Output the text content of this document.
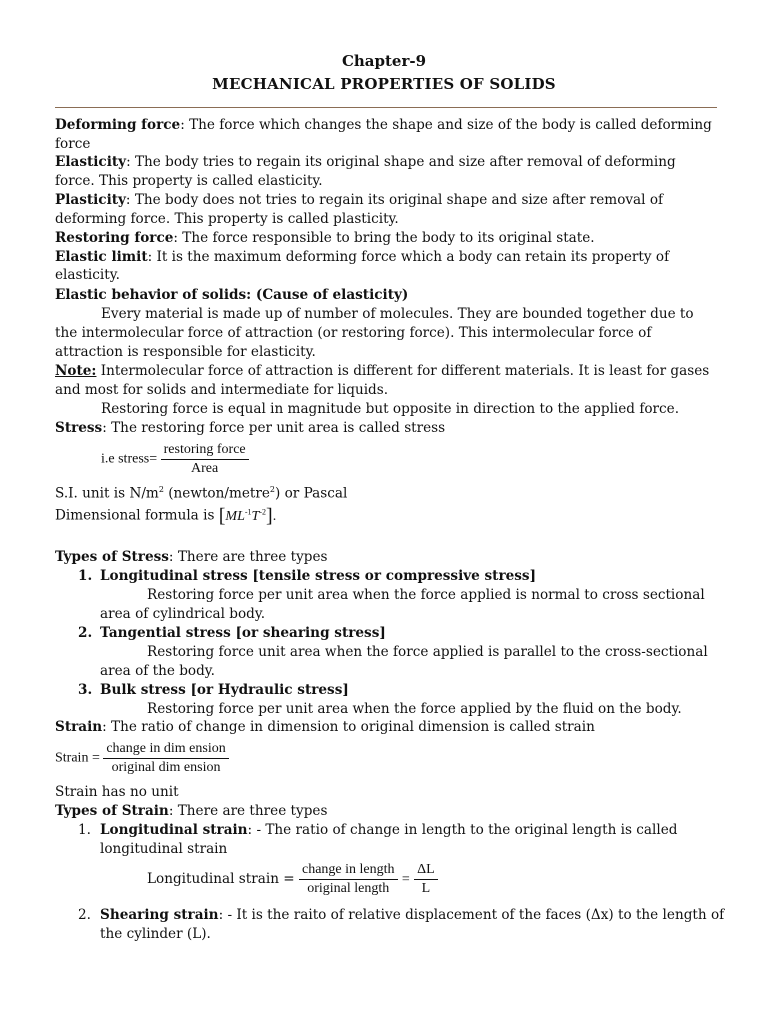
Chapter-9
MECHANICAL PROPERTIES OF SOLIDS
Deforming force: The force which changes the shape and size of the body is called deforming
force
Elasticity: The body tries to regain its original shape and size after removal of deforming
force. This property is called elasticity.
Plasticity: The body does not tries to regain its original shape and size after removal of
deforming force. This property is called plasticity.
Restoring force: The force responsible to bring the body to its original state.
Elastic limit: It is the maximum deforming force which a body can retain its property of
elasticity.
Elastic behavior of solids: (Cause of elasticity)
Every material is made up of number of molecules. They are bounded together due to
the intermolecular force of attraction (or restoring force). This intermolecular force of
attraction is responsible for elasticity.
Note: Intermolecular force of attraction is different for different materials. It is least for gases
and most for solids and intermediate for liquids.
Restoring force is equal in magnitude but opposite in direction to the applied force.
Stress: The restoring force per unit area is called stress
i.e stress= $\frac{\text{restoring force}}{\text{Area}}$
S.I. unit is $N/m^2$ (newton/metre$^2$) or Pascal
Dimensional formula is $[ML^{-1}T^{-2}]$.
Types of Stress: There are three types
1. Longitudinal stress [tensile stress or compressive stress]
Restoring force per unit area when the force applied is normal to cross sectional
area of cylindrical body.
2. Tangential stress [or shearing stress]
Restoring force unit area when the force applied is parallel to the cross-sectional
area of the body.
3. Bulk stress [or Hydraulic stress]
Restoring force per unit area when the force applied by the fluid on the body.
Strain: The ratio of change in dimension to original dimension is called strain
Strain = $\frac{\text{change in dim ension}}{\text{original dim ension}}$
Strain has no unit
Types of Strain: There are three types
1. Longitudinal strain: - The ratio of change in length to the original length is called
longitudinal strain
Longitudinal strain = $\frac{\text{change in length}}{\text{original length}} = \frac{\Delta L}{L}$
2. Shearing strain: - It is the raito of relative displacement of the faces (Δx) to the length of
the cylinder (L).
